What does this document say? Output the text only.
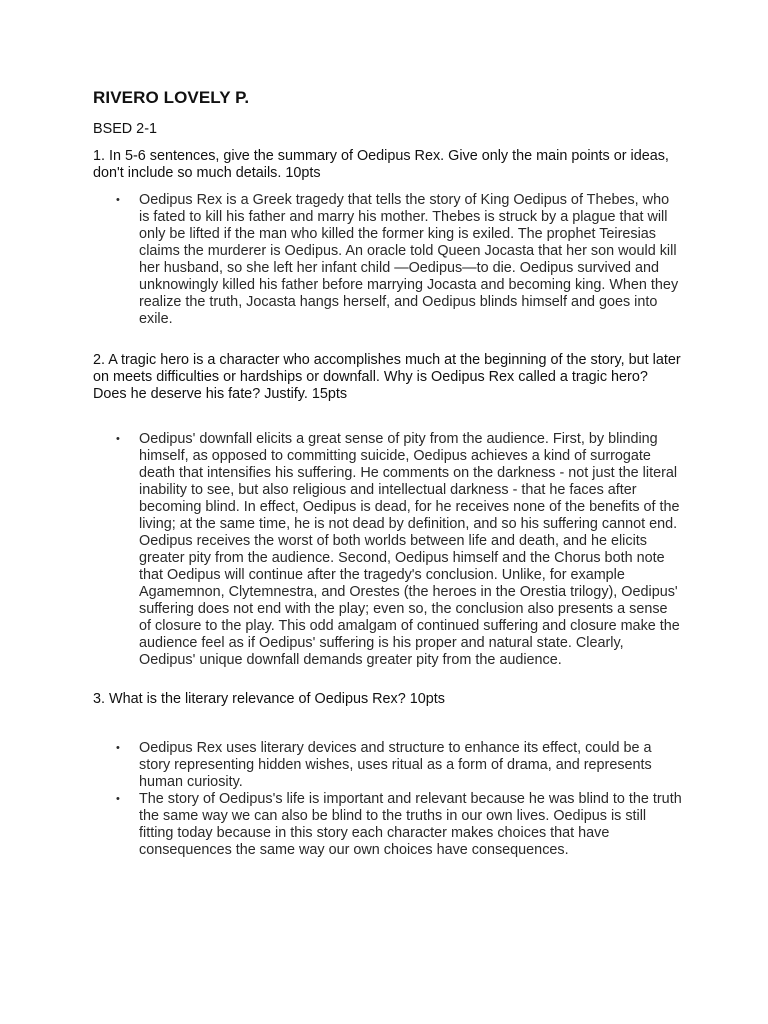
RIVERO LOVELY P.
BSED 2-1
1. In 5-6 sentences, give the summary of Oedipus Rex. Give only the main points or ideas, don't include so much details. 10pts
• Oedipus Rex is a Greek tragedy that tells the story of King Oedipus of Thebes, who is fated to kill his father and marry his mother. Thebes is struck by a plague that will only be lifted if the man who killed the former king is exiled. The prophet Teiresias claims the murderer is Oedipus. An oracle told Queen Jocasta that her son would kill her husband, so she left her infant child —Oedipus—to die. Oedipus survived and unknowingly killed his father before marrying Jocasta and becoming king. When they realize the truth, Jocasta hangs herself, and Oedipus blinds himself and goes into exile.
2. A tragic hero is a character who accomplishes much at the beginning of the story, but later on meets difficulties or hardships or downfall. Why is Oedipus Rex called a tragic hero? Does he deserve his fate? Justify. 15pts
• Oedipus' downfall elicits a great sense of pity from the audience. First, by blinding himself, as opposed to committing suicide, Oedipus achieves a kind of surrogate death that intensifies his suffering. He comments on the darkness - not just the literal inability to see, but also religious and intellectual darkness - that he faces after becoming blind. In effect, Oedipus is dead, for he receives none of the benefits of the living; at the same time, he is not dead by definition, and so his suffering cannot end. Oedipus receives the worst of both worlds between life and death, and he elicits greater pity from the audience. Second, Oedipus himself and the Chorus both note that Oedipus will continue after the tragedy's conclusion. Unlike, for example Agamemnon, Clytemnestra, and Orestes (the heroes in the Orestia trilogy), Oedipus' suffering does not end with the play; even so, the conclusion also presents a sense of closure to the play. This odd amalgam of continued suffering and closure make the audience feel as if Oedipus' suffering is his proper and natural state. Clearly, Oedipus' unique downfall demands greater pity from the audience.
3. What is the literary relevance of Oedipus Rex? 10pts
• Oedipus Rex uses literary devices and structure to enhance its effect, could be a story representing hidden wishes, uses ritual as a form of drama, and represents human curiosity.
• The story of Oedipus's life is important and relevant because he was blind to the truth the same way we can also be blind to the truths in our own lives. Oedipus is still fitting today because in this story each character makes choices that have consequences the same way our own choices have consequences.
